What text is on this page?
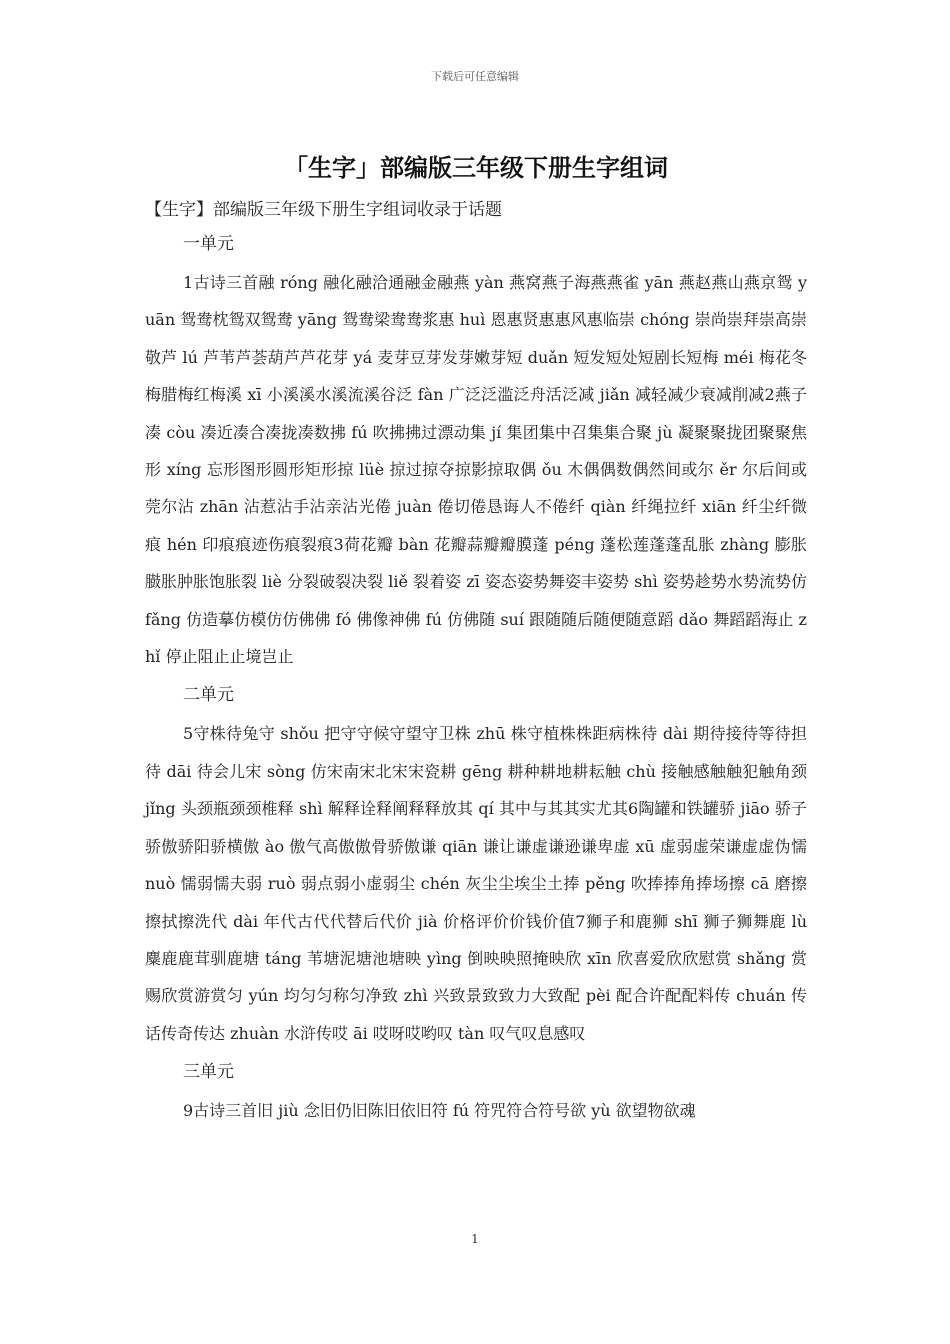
下载后可任意编辑
「生字」部编版三年级下册生字组词
【生字】部编版三年级下册生字组词收录于话题
一单元

1古诗三首融 róng 融化融洽通融金融燕 yàn 燕窝燕子海燕燕雀 yān 燕赵燕山燕京鸳 yuān 鸳鸯枕鸳双鸳鸯 yāng 鸳鸯梁鸯鸯浆惠 huì 恩惠贤惠惠风惠临崇 chóng 崇尚崇拜崇高崇敬芦 lú 芦苇芦荟葫芦芦花芽 yá 麦芽豆芽发芽嫩芽短 duǎn 短发短处短剧长短梅 méi 梅花冬梅腊梅红梅溪 xī 小溪溪水溪流溪谷泛 fàn 广泛泛滥泛舟活泛减 jiǎn 减轻减少衰减削减2燕子凑 còu 凑近凑合凑拢凑数拂 fú 吹拂拂过漂动集 jí 集团集中召集集合聚 jù 凝聚聚拢团聚聚焦形 xíng 忘形图形圆形矩形掠 lüè 掠过掠夺掠影掠取偶 ǒu 木偶偶数偶然间或尔 ěr 尔后间或莞尔沾 zhān 沾惹沾手沾亲沾光倦 juàn 倦切倦恳诲人不倦纤 qiàn 纤绳拉纤 xiān 纤尘纤微痕 hén 印痕痕迹伤痕裂痕3荷花瓣 bàn 花瓣蒜瓣瓣膜蓬 péng 蓬松莲蓬蓬乱胀 zhàng 膨胀臌胀肿胀饱胀裂 liè 分裂破裂决裂 liě 裂着姿 zī 姿态姿势舞姿丰姿势 shì 姿势趁势水势流势仿 fǎng 仿造摹仿模仿仿佛佛 fó 佛像神佛 fú 仿佛随 suí 跟随随后随便随意蹈 dǎo 舞蹈蹈海止 zhǐ 停止阻止止境岂止

二单元

5守株待兔守 shǒu 把守守候守望守卫株 zhū 株守植株株距病株待 dài 期待接待等待担待 dāi 待会儿宋 sòng 仿宋南宋北宋宋瓷耕 gēng 耕种耕地耕耘触 chù 接触感触触犯触角颈 jǐng 头颈瓶颈颈椎释 shì 解释诠释阐释释放其 qí 其中与其其实尤其6陶罐和铁罐骄 jiāo 骄子骄傲骄阳骄横傲 ào 傲气高傲傲骨骄傲谦 qiān 谦让谦虚谦逊谦卑虚 xū 虚弱虚荣谦虚虚伪懦 nuò 懦弱懦夫弱 ruò 弱点弱小虚弱尘 chén 灰尘尘埃尘土捧 pěng 吹捧捧角捧场擦 cā 磨擦擦拭擦洗代 dài 年代古代代替后代价 jià 价格评价价钱价值7狮子和鹿狮 shī 狮子狮舞鹿 lù 麋鹿鹿茸驯鹿塘 táng 苇塘泥塘池塘映 yìng 倒映映照掩映欣 xīn 欣喜爱欣欣慰赏 shǎng 赏赐欣赏游赏匀 yún 均匀匀称匀净致 zhì 兴致景致致力大致配 pèi 配合许配配料传 chuán 传话传奇传达 zhuàn 水浒传哎 āi 哎呀哎哟叹 tàn 叹气叹息感叹

三单元

9古诗三首旧 jiù 念旧仍旧陈旧依旧符 fú 符咒符合符号欲 yù 欲望物欲魂

1
